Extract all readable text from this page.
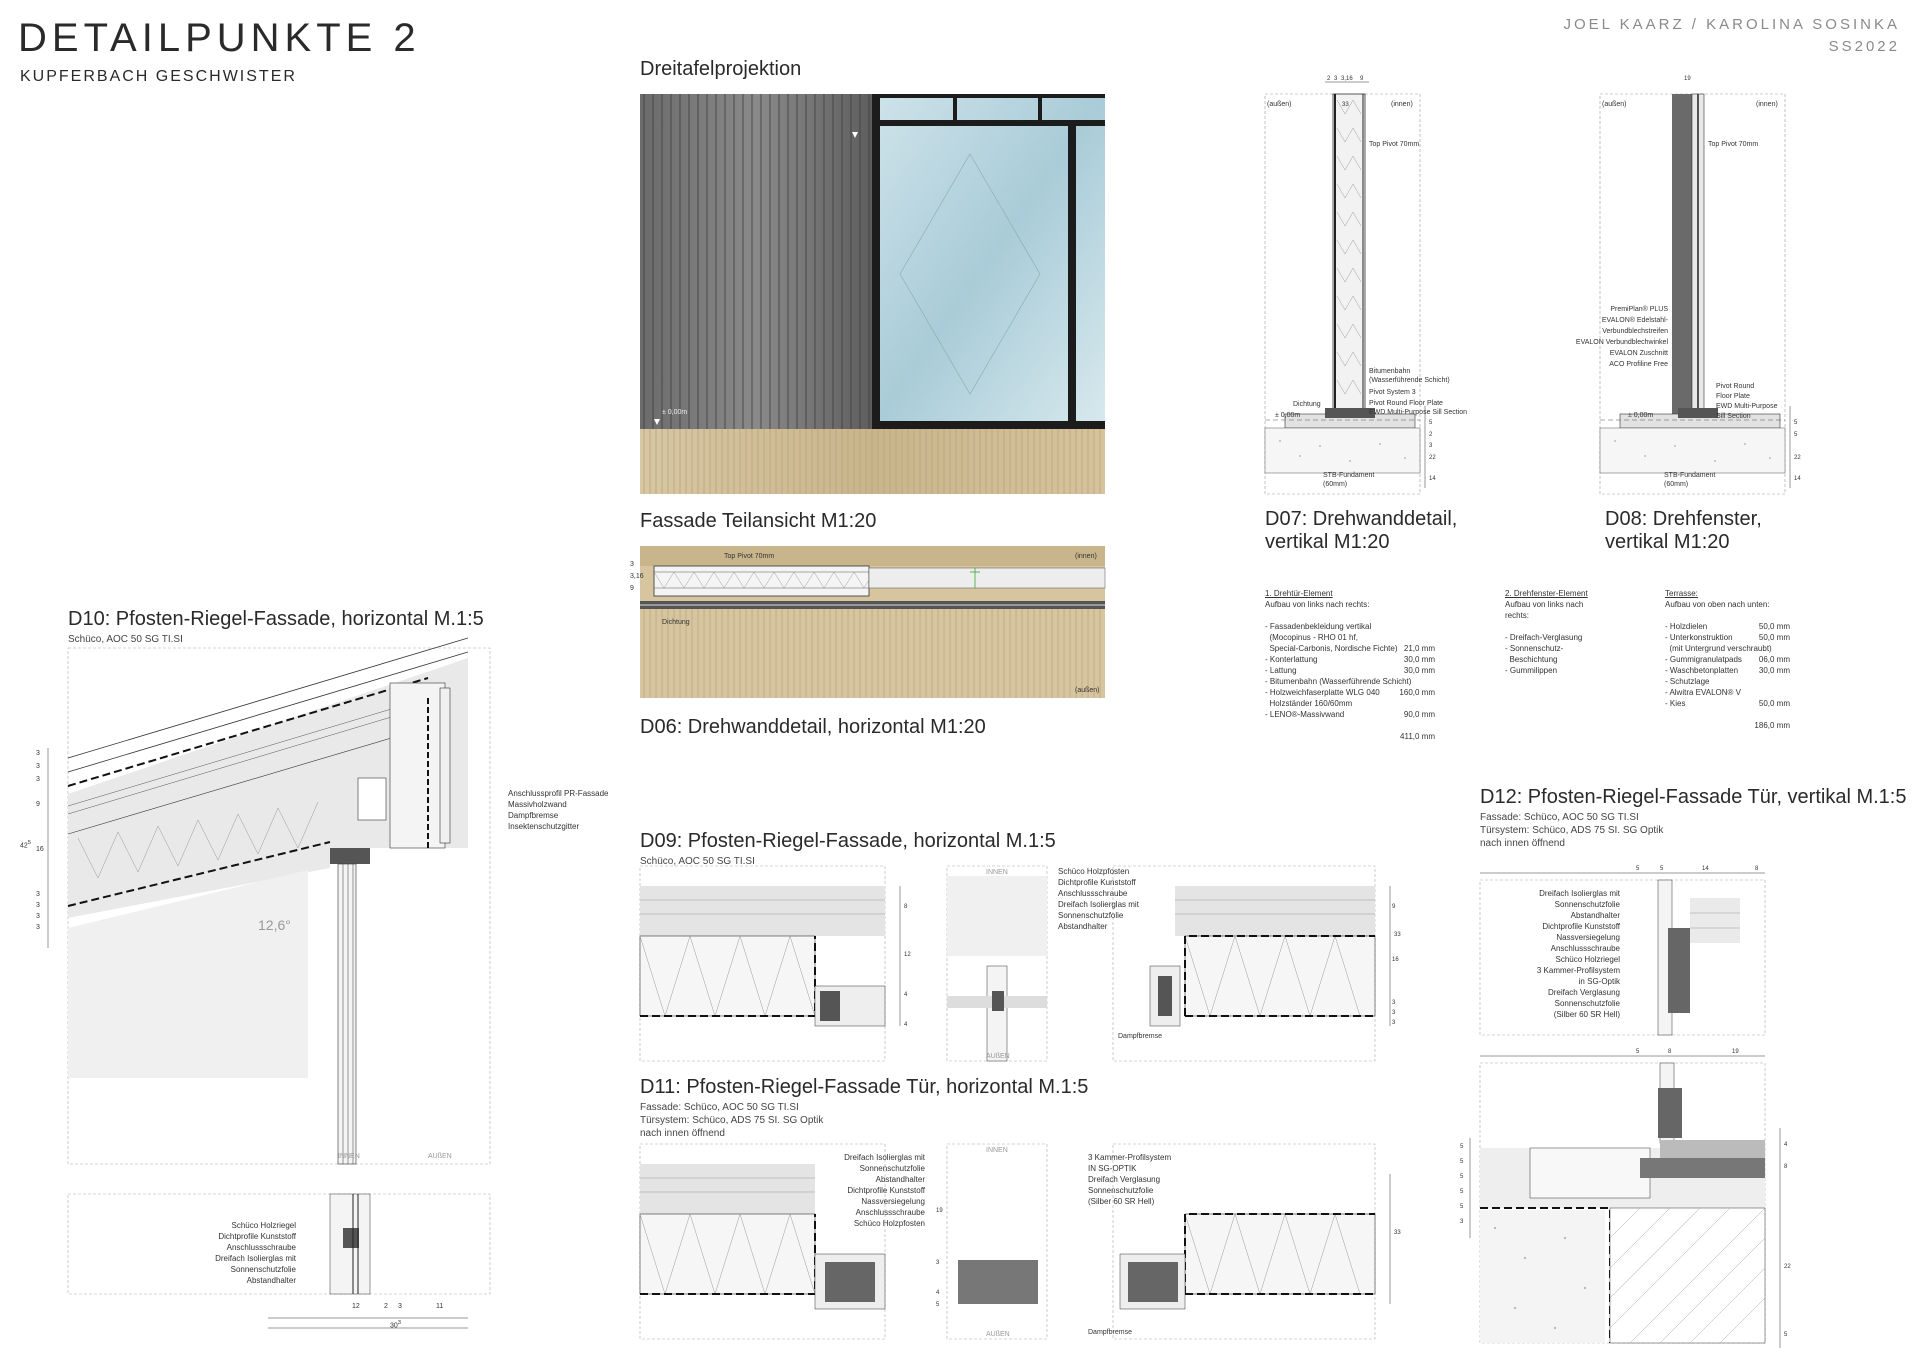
DETAILPUNKTE 2
KUPFERBACH GESCHWISTER
JOEL KAARZ / KAROLINA SOSINKA
SS2022
Dreitafelprojektion
± 0,00m
Fassade Teilansicht M1:20
Top Pivot 70mm	(innen)
(außen)
Dichtung
3
3,16
9
D06: Drehwanddetail, horizontal M1:20
(außen)	(innen)
Top Pivot 70mm
Bitumenbahn
(Wasserführende Schicht)
Pivot System 3
Pivot Round Floor Plate
EWD Multi-Purpose Sill Section
Dichtung
± 0,00m
STB-Fundament
(60mm)
2 3 3,16 9
33
5
2
3
22
14
D07: Drehwanddetail,
vertikal M1:20
(außen)	(innen)
Top Pivot 70mm
19
PremiPlan® PLUS
EVALON® Edelstahl-
Verbundblechstreifen
EVALON Verbundblechwinkel
EVALON Zuschnitt
ACO Profiline Free
Pivot Round
Floor Plate
EWD Multi-Purpose
Sill Section
± 0,00m
STB-Fundament
(60mm)
5
5
22
14
D08: Drehfenster,
vertikal M1:20
1. Drehtür-Element
Aufbau von links nach rechts:
- Fassadenbekleidung vertikal
(Mocopinus - RHO 01 hf,
Special-Carbonis, Nordische Fichte) 21,0 mm
- Konterlattung	30,0 mm
- Lattung	30,0 mm
- Bitumenbahn (Wasserführende Schicht)
- Holzweichfaserplatte WLG 040 160,0 mm
Holzständer 160/60mm
- LENO®-Massivwand	90,0 mm
411,0 mm
2. Drehfenster-Element
Aufbau von links nach rechts:
- Dreifach-Verglasung
- Sonnenschutz-
Beschichtung
- Gummilippen
Terrasse:
Aufbau von oben nach unten:
- Holzdielen	50,0 mm
- Unterkonstruktion	50,0 mm
(mit Untergrund verschraubt)
- Gummigranulatpads 06,0 mm
- Waschbetonplatten	30,0 mm
- Schutzlage
- Alwitra EVALON® V
- Kies	50,0 mm
186,0 mm
D10: Pfosten-Riegel-Fassade, horizontal M.1:5
Schüco, AOC 50 SG TI.SI
12,6°
INNEN	AUßEN
Anschlussprofil PR-Fassade
Massivholzwand
Dampfbremse
Insektenschutzgitter
Schüco Holzriegel
Dichtprofile Kunststoff
Anschlussschraube
Dreifach Isolierglas mit
Sonnenschutzfolie
Abstandhalter
$42^5$
3
3
3
9
16
3
3
3
3
12	2 3	11
$30^3$
D09: Pfosten-Riegel-Fassade, horizontal M.1:5
Schüco, AOC 50 SG TI.SI
INNEN
AUßEN
Dampfbremse
8
12
4
4
9
16
3
3
3
33
Schüco Holzpfosten
Dichtprofile Kunststoff
Anschlussschraube
Dreifach Isolierglas mit
Sonnenschutzfolie
Abstandhalter
D11: Pfosten-Riegel-Fassade Tür, horizontal M.1:5
Fassade: Schüco, AOC 50 SG TI.SI
Türsystem: Schüco, ADS 75 SI. SG Optik
nach innen öffnend
INNEN
AUßEN	Dampfbremse
19
33
3
4
5
Dreifach Isolierglas mit
Sonnenschutzfolie
Abstandhalter
Dichtprofile Kunststoff
Nassversiegelung
Anschlussschraube
Schüco Holzpfosten
3 Kammer-Profilsystem
IN SG-OPTIK
Dreifach Verglasung
Sonnenschutzfolie
(Silber 60 SR Hell)
D12: Pfosten-Riegel-Fassade Tür, vertikal M.1:5
Fassade: Schüco, AOC 50 SG TI.SI
Türsystem: Schüco, ADS 75 SI. SG Optik
nach innen öffnend
5	5	14	8
5	8	19
4
8
22
5
5
5
5
5
5
3
Dreifach Isolierglas mit
Sonnenschutzfolie
Abstandhalter
Dichtprofile Kunststoff
Nassversiegelung
Anschlussschraube
Schüco Holzriegel
3 Kammer-Profilsystem
in SG-Optik
Dreifach Verglasung
Sonnenschutzfolie
(Silber 60 SR Hell)
